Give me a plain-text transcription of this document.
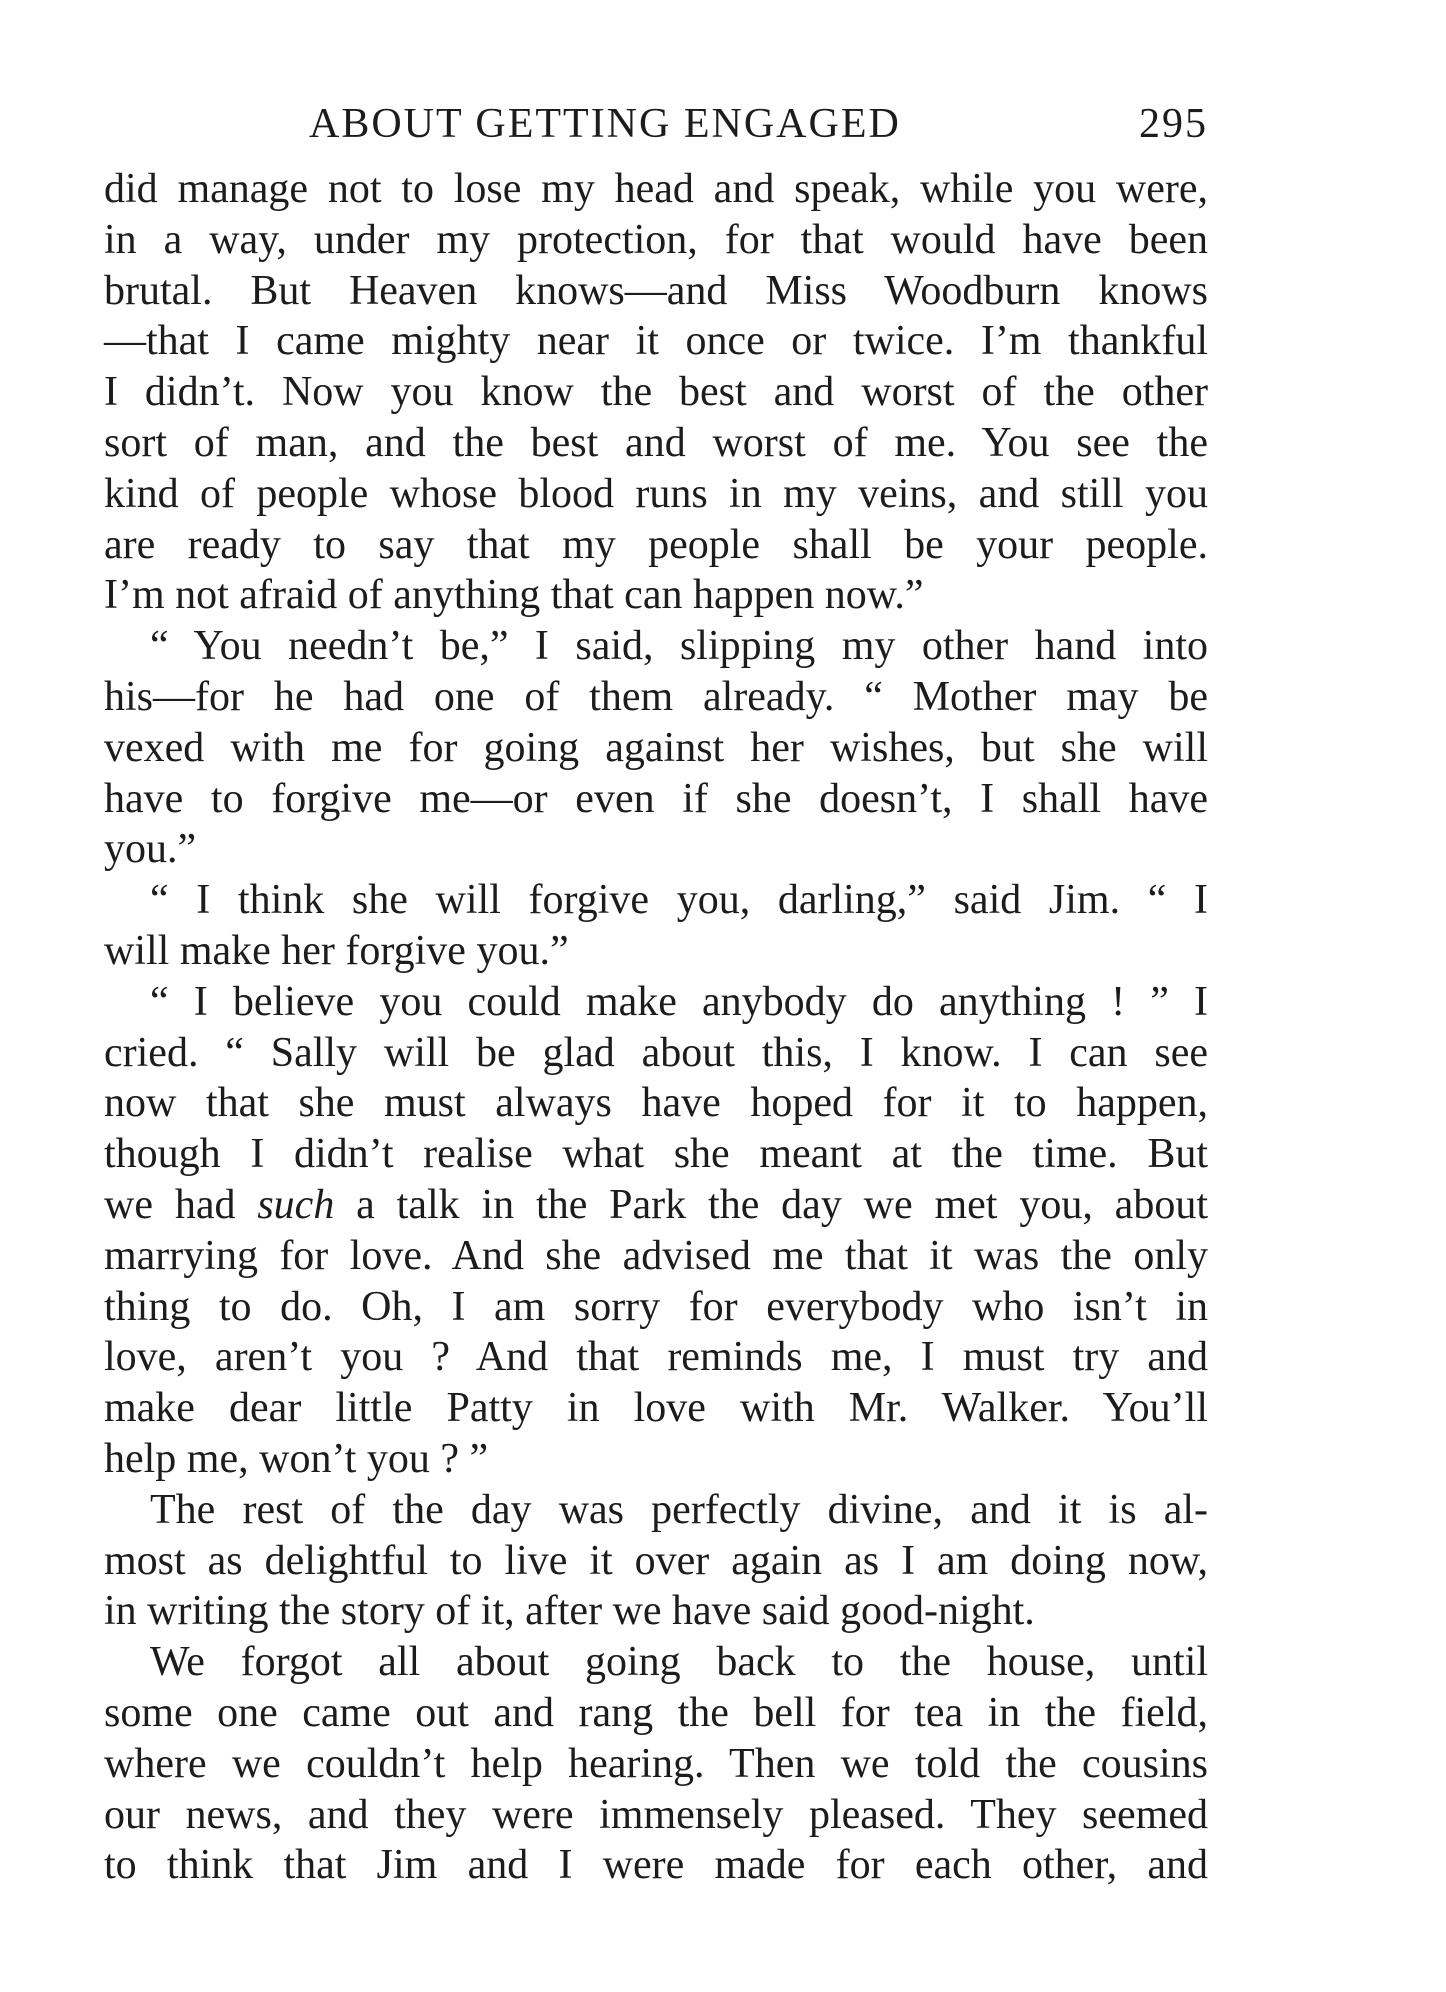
ABOUT GETTING ENGAGED	295
did manage not to lose my head and speak, while you were,
in a way, under my protection, for that would have been
brutal. But Heaven knows—and Miss Woodburn knows
—that I came mighty near it once or twice. I’m thankful
I didn’t. Now you know the best and worst of the other
sort of man, and the best and worst of me. You see the
kind of people whose blood runs in my veins, and still you
are ready to say that my people shall be your people.
I’m not afraid of anything that can happen now.”
“ You needn’t be,” I said, slipping my other hand into
his—for he had one of them already. “ Mother may be
vexed with me for going against her wishes, but she will
have to forgive me—or even if she doesn’t, I shall have
you.”
“ I think she will forgive you, darling,” said Jim. “ I
will make her forgive you.”
“ I believe you could make anybody do anything ! ” I
cried. “ Sally will be glad about this, I know. I can see
now that she must always have hoped for it to happen,
though I didn’t realise what she meant at the time. But
we had such a talk in the Park the day we met you, about
marrying for love. And she advised me that it was the only
thing to do. Oh, I am sorry for everybody who isn’t in
love, aren’t you ? And that reminds me, I must try and
make dear little Patty in love with Mr. Walker. You’ll
help me, won’t you ? ”
The rest of the day was perfectly divine, and it is al-
most as delightful to live it over again as I am doing now,
in writing the story of it, after we have said good-night.
We forgot all about going back to the house, until
some one came out and rang the bell for tea in the field,
where we couldn’t help hearing. Then we told the cousins
our news, and they were immensely pleased. They seemed
to think that Jim and I were made for each other, and
